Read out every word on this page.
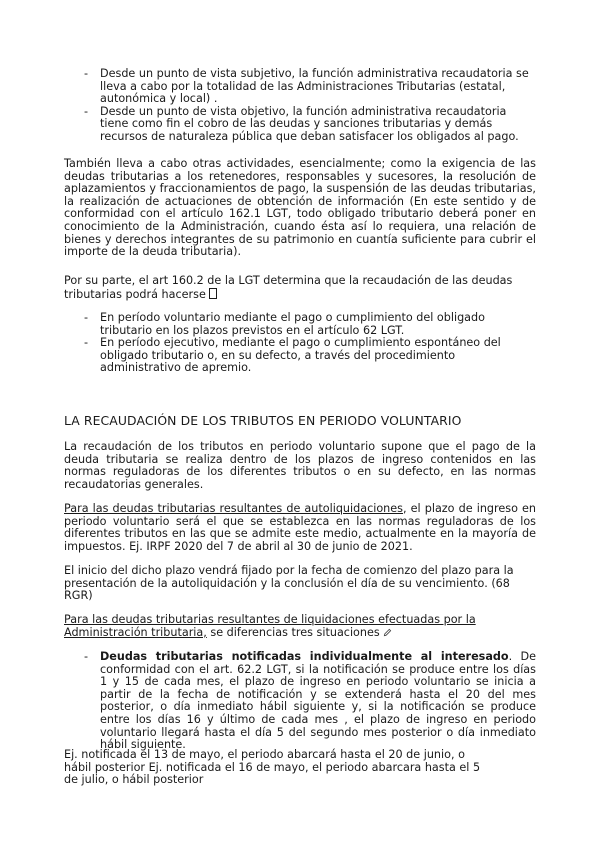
- Desde un punto de vista subjetivo, la función administrativa recaudatoria se lleva a cabo por la totalidad de las Administraciones Tributarias (estatal, autonómica y local) .
- Desde un punto de vista objetivo, la función administrativa recaudatoria tiene como fin el cobro de las deudas y sanciones tributarias y demás recursos de naturaleza pública que deban satisfacer los obligados al pago.

También lleva a cabo otras actividades, esencialmente; como la exigencia de las deudas tributarias a los retenedores, responsables y sucesores, la resolución de aplazamientos y fraccionamientos de pago, la suspensión de las deudas tributarias, la realización de actuaciones de obtención de información (En este sentido y de conformidad con el artículo 162.1 LGT, todo obligado tributario deberá poner en conocimiento de la Administración, cuando ésta así lo requiera, una relación de bienes y derechos integrantes de su patrimonio en cuantía suficiente para cubrir el importe de la deuda tributaria).

Por su parte, el art 160.2 de la LGT determina que la recaudación de las deudas tributarias podrá hacerse

- En período voluntario mediante el pago o cumplimiento del obligado tributario en los plazos previstos en el artículo 62 LGT.
- En período ejecutivo, mediante el pago o cumplimiento espontáneo del obligado tributario o, en su defecto, a través del procedimiento administrativo de apremio.
LA RECAUDACIÓN DE LOS TRIBUTOS EN PERIODO VOLUNTARIO

La recaudación de los tributos en periodo voluntario supone que el pago de la deuda tributaria se realiza dentro de los plazos de ingreso contenidos en las normas reguladoras de los diferentes tributos o en su defecto, en las normas recaudatorias generales.

Para las deudas tributarias resultantes de autoliquidaciones, el plazo de ingreso en periodo voluntario será el que se establezca en las normas reguladoras de los diferentes tributos en las que se admite este medio, actualmente en la mayoría de impuestos. Ej. IRPF 2020 del 7 de abril al 30 de junio de 2021.

El inicio del dicho plazo vendrá fijado por la fecha de comienzo del plazo para la presentación de la autoliquidación y la conclusión el día de su vencimiento. (68 RGR)

Para las deudas tributarias resultantes de liquidaciones efectuadas por la Administración tributaria, se diferencias tres situaciones

- Deudas tributarias notificadas individualmente al interesado. De conformidad con el art. 62.2 LGT, si la notificación se produce entre los días 1 y 15 de cada mes, el plazo de ingreso en periodo voluntario se inicia a partir de la fecha de notificación y se extenderá hasta el 20 del mes posterior, o día inmediato hábil siguiente y, si la notificación se produce entre los días 16 y último de cada mes , el plazo de ingreso en periodo voluntario llegará hasta el día 5 del segundo mes posterior o día inmediato hábil siguiente.
Ej. notificada el 13 de mayo, el periodo abarcará hasta el 20 de junio, o
hábil posterior Ej. notificada el 16 de mayo, el periodo abarcara hasta el 5
de julio, o hábil posterior
